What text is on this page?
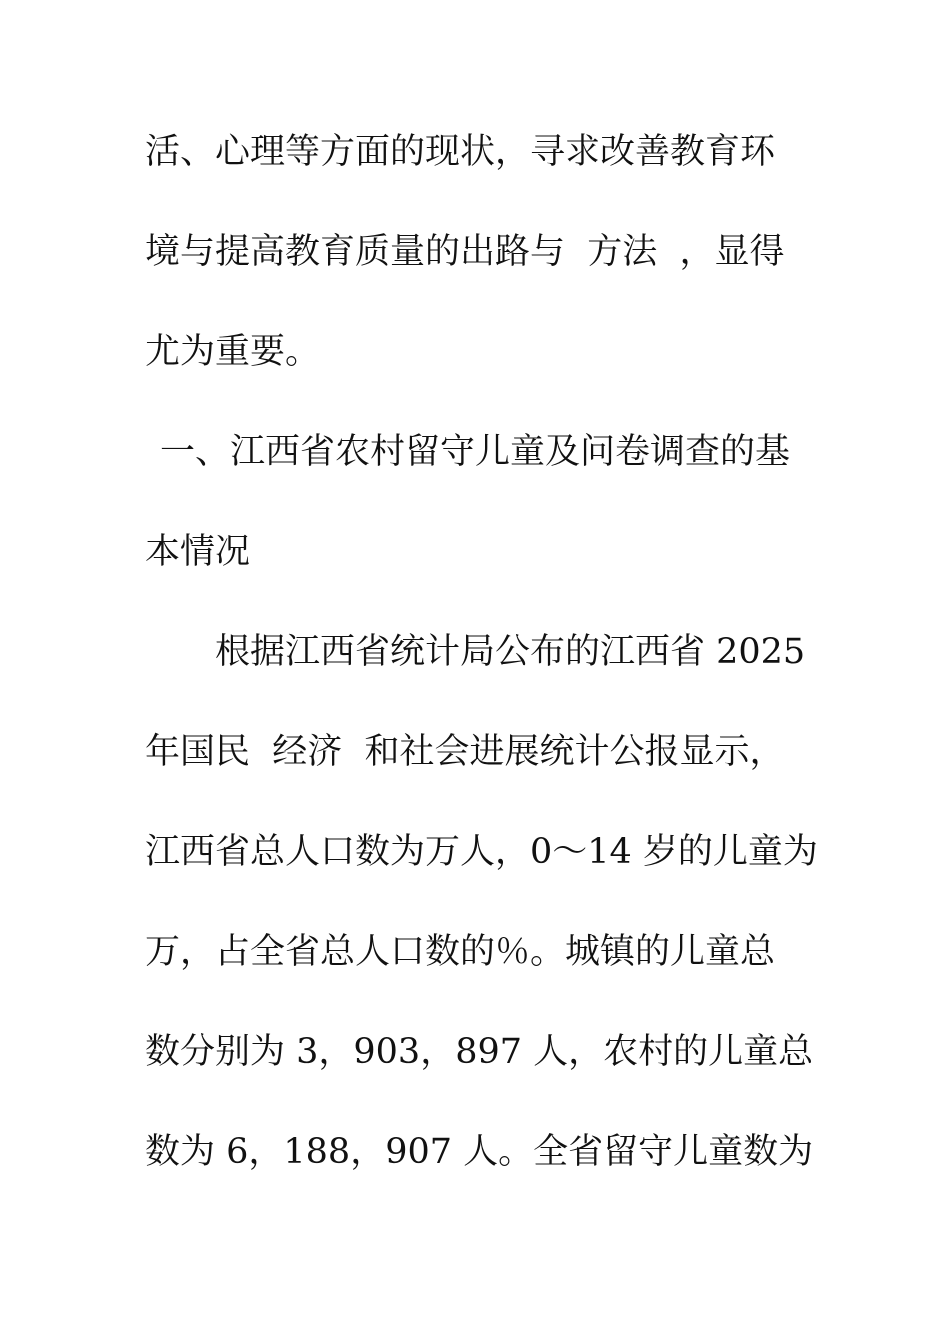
活、心理等方面的现状，寻求改善教育环
境与提高教育质量的出路与  方法  ，显得
尤为重要。
一、江西省农村留守儿童及问卷调查的基
本情况
根据江西省统计局公布的江西省 2025
年国民  经济  和社会进展统计公报显示，
江西省总人口数为万人，0～14 岁的儿童为
万，占全省总人口数的％。城镇的儿童总
数分别为 3，903，897 人，农村的儿童总
数为 6，188，907 人。全省留守儿童数为
